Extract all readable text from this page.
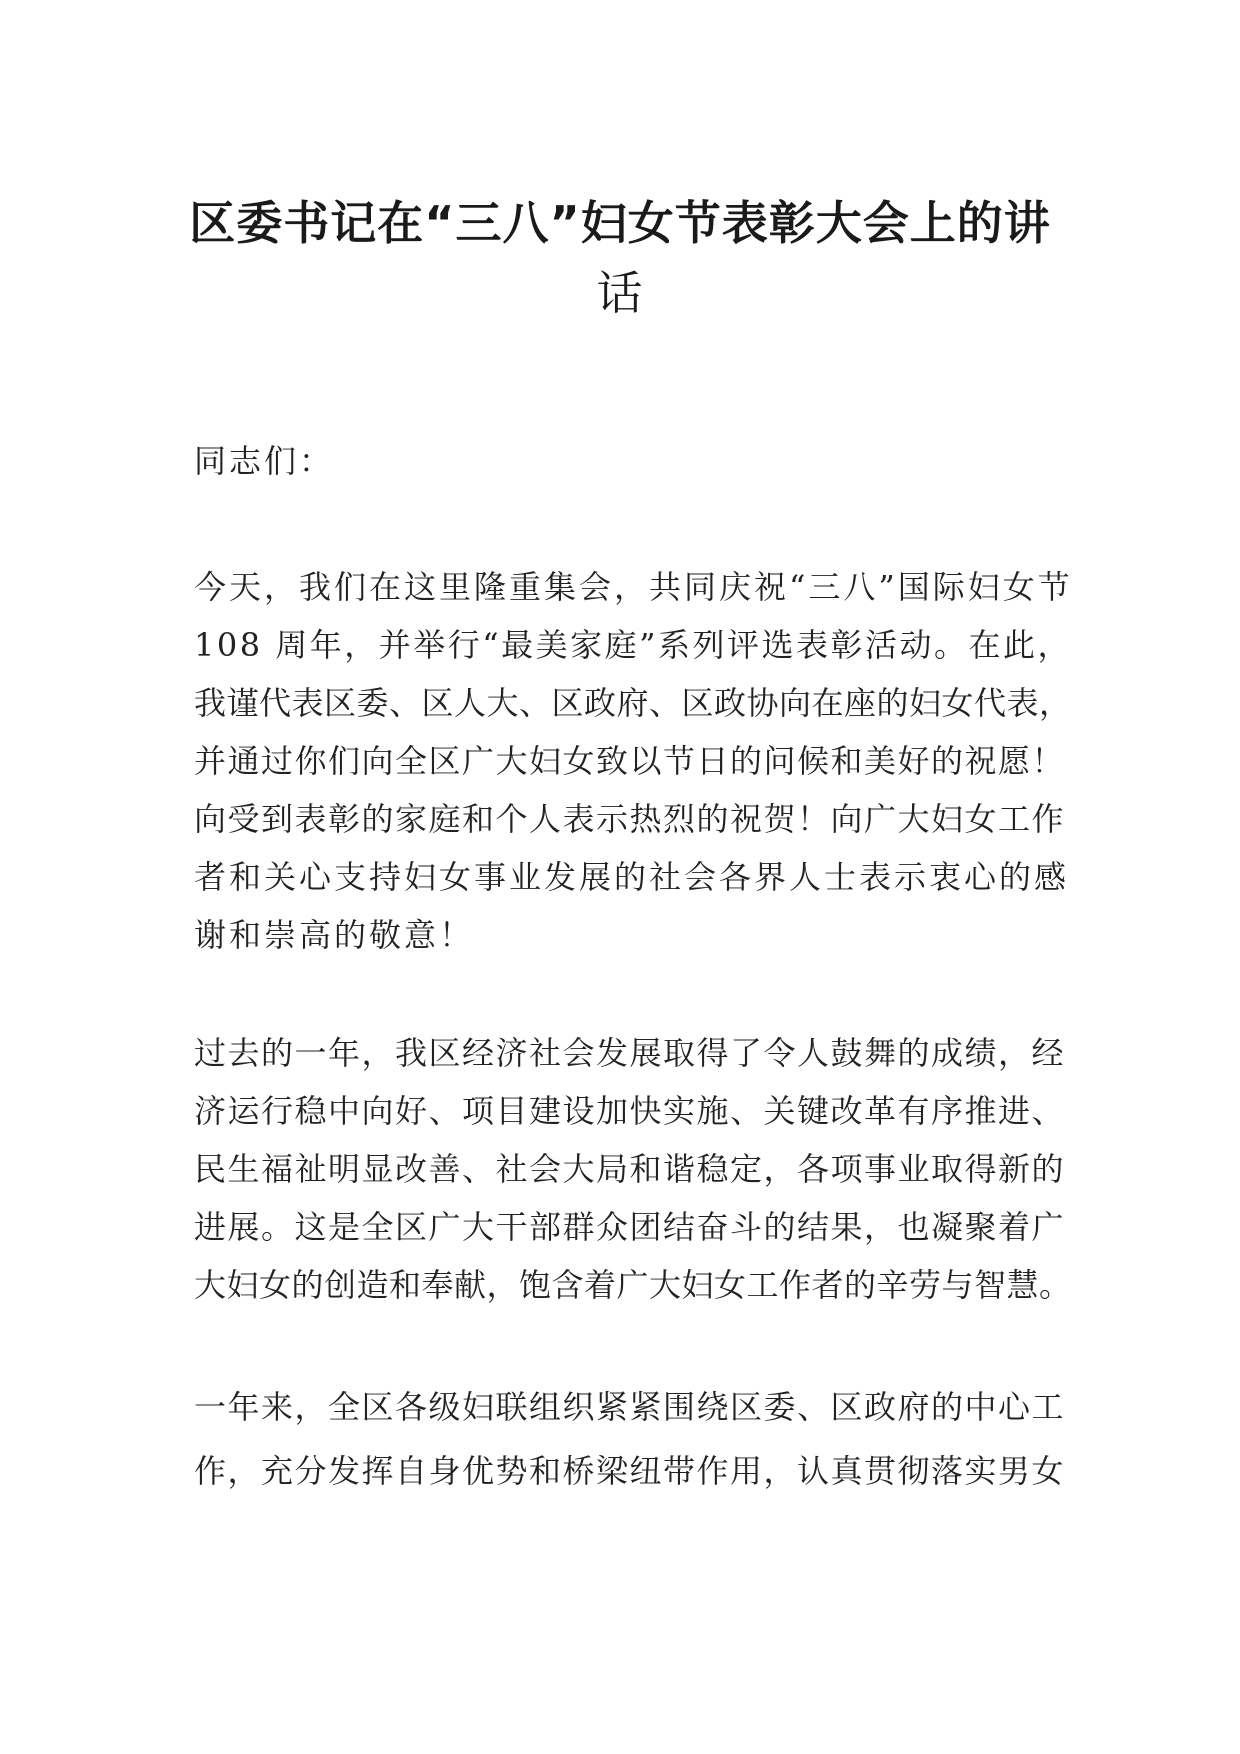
区委书记在“三八”妇女节表彰大会上的讲
话
同志们：
今天，我们在这里隆重集会，共同庆祝“三八”国际妇女节
108 周年，并举行“最美家庭”系列评选表彰活动。在此，
我谨代表区委、区人大、区政府、区政协向在座的妇女代表，
并通过你们向全区广大妇女致以节日的问候和美好的祝愿！
向受到表彰的家庭和个人表示热烈的祝贺！向广大妇女工作
者和关心支持妇女事业发展的社会各界人士表示衷心的感
谢和崇高的敬意！
过去的一年，我区经济社会发展取得了令人鼓舞的成绩，经
济运行稳中向好、项目建设加快实施、关键改革有序推进、
民生福祉明显改善、社会大局和谐稳定，各项事业取得新的
进展。这是全区广大干部群众团结奋斗的结果，也凝聚着广
大妇女的创造和奉献，饱含着广大妇女工作者的辛劳与智慧。
一年来，全区各级妇联组织紧紧围绕区委、区政府的中心工
作，充分发挥自身优势和桥梁纽带作用，认真贯彻落实男女
